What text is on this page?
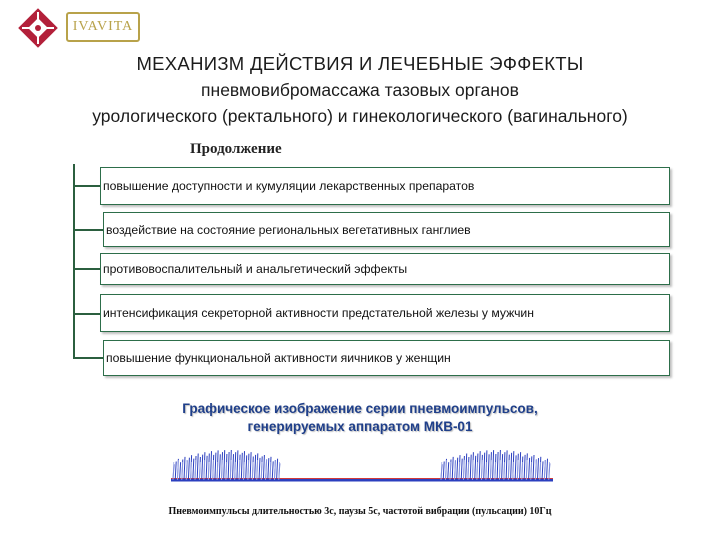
IVAVITA
МЕХАНИЗМ ДЕЙСТВИЯ И ЛЕЧЕБНЫЕ ЭФФЕКТЫ
пневмовибромассажа тазовых органов
урологического (ректального) и гинекологического (вагинального)
Продолжение
повышение доступности и кумуляции лекарственных препаратов
воздействие на состояние региональных вегетативных ганглиев
противовоспалительный и анальгетический эффекты
интенсификация секреторной активности предстательной железы у мужчин
повышение функциональной активности яичников у женщин
Графическое изображение серии пневмоимпульсов,
генерируемых аппаратом МКВ-01
Пневмоимпульсы длительностью 3с, паузы 5с, частотой вибрации (пульсации) 10Гц
